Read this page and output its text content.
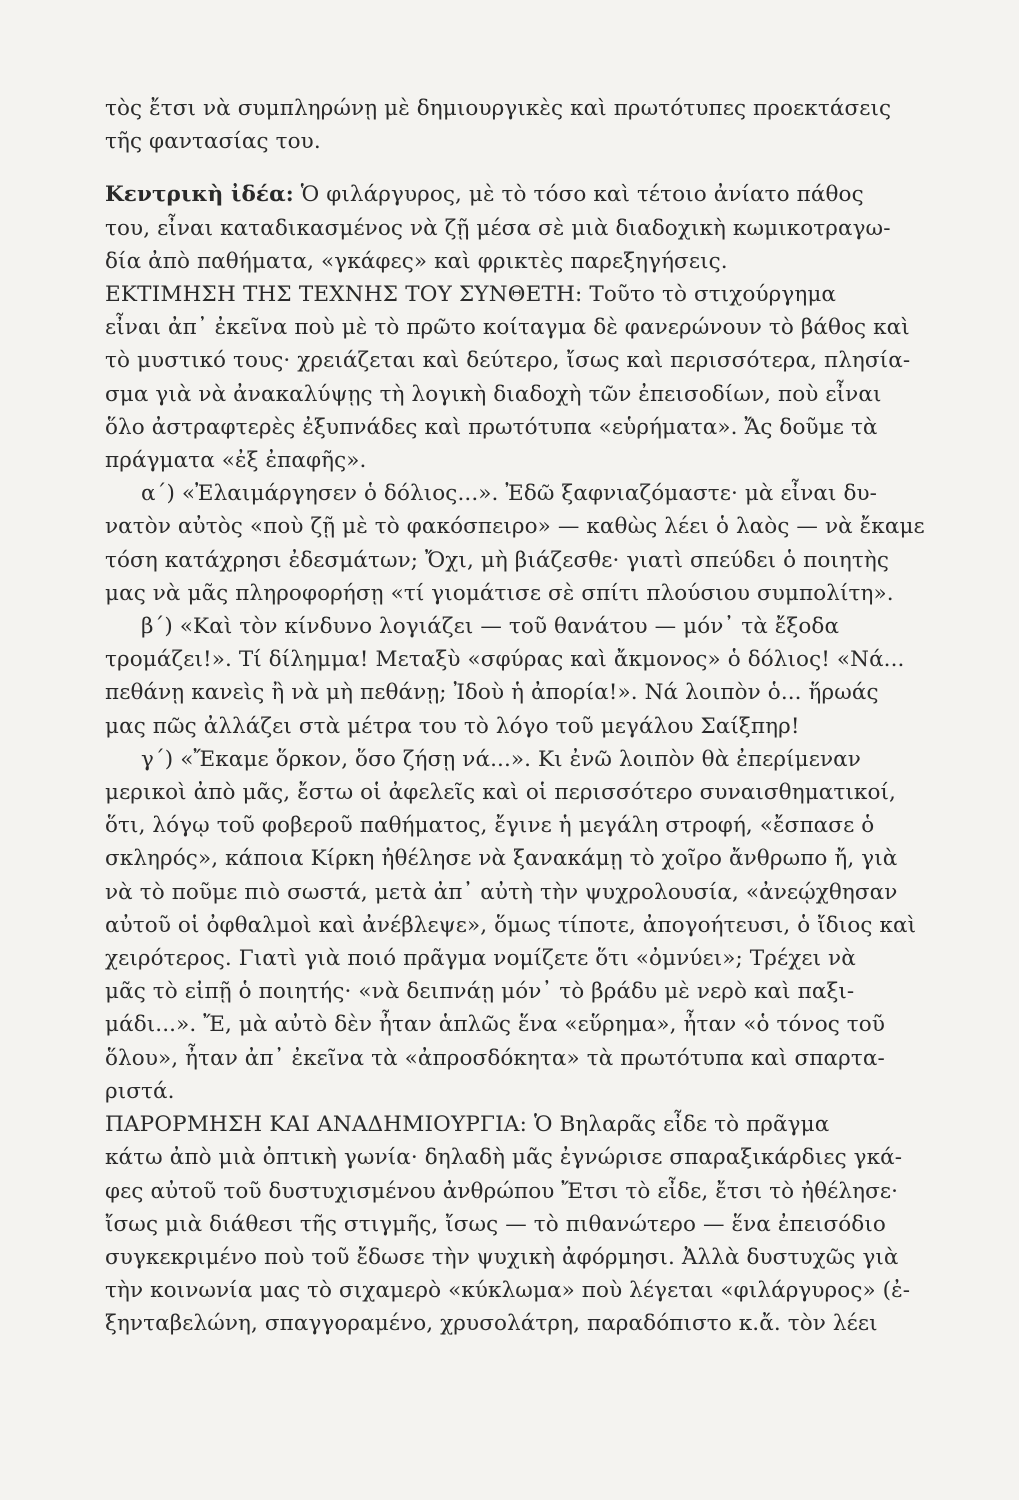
τὸς ἔτσι νὰ συμπληρώνῃ μὲ δημιουργικὲς καὶ πρωτότυπες προεκτάσεις
τῆς φαντασίας του.
Κεντρικὴ ἰδέα: Ὁ φιλάργυρος, μὲ τὸ τόσο καὶ τέτοιο ἀνίατο πάθος
του, εἶναι καταδικασμένος νὰ ζῇ μέσα σὲ μιὰ διαδοχικὴ κωμικοτραγω-
δία ἀπὸ παθήματα, «γκάφες» καὶ φρικτὲς παρεξηγήσεις.
ΕΚΤΙΜΗΣΗ ΤΗΣ ΤΕΧΝΗΣ ΤΟΥ ΣΥΝΘΕΤΗ: Τοῦτο τὸ στιχούργημα
εἶναι ἀπ᾽ ἐκεῖνα ποὺ μὲ τὸ πρῶτο κοίταγμα δὲ φανερώνουν τὸ βάθος καὶ
τὸ μυστικό τους· χρειάζεται καὶ δεύτερο, ἴσως καὶ περισσότερα, πλησία-
σμα γιὰ νὰ ἀνακαλύψῃς τὴ λογικὴ διαδοχὴ τῶν ἐπεισοδίων, ποὺ εἶναι
ὅλο ἀστραφτερὲς ἐξυπνάδες καὶ πρωτότυπα «εὑρήματα». Ἄς δοῦμε τὰ
πράγματα «ἐξ ἐπαφῆς».
α΄) «Ἐλαιμάργησεν ὁ δόλιος...». Ἐδῶ ξαφνιαζόμαστε· μὰ εἶναι δυ-
νατὸν αὐτὸς «ποὺ ζῇ μὲ τὸ φακόσπειρο» — καθὼς λέει ὁ λαὸς — νὰ ἔκαμε
τόση κατάχρησι ἐδεσμάτων; Ὄχι, μὴ βιάζεσθε· γιατὶ σπεύδει ὁ ποιητὴς
μας νὰ μᾶς πληροφορήσῃ «τί γιομάτισε σὲ σπίτι πλούσιου συμπολίτη».
β΄) «Καὶ τὸν κίνδυνο λογιάζει — τοῦ θανάτου — μόν᾽ τὰ ἔξοδα
τρομάζει!». Τί δίλημμα! Μεταξὺ «σφύρας καὶ ἄκμονος» ὁ δόλιος! «Νά...
πεθάνῃ κανεὶς ἢ νὰ μὴ πεθάνῃ; Ἰδοὺ ἡ ἀπορία!». Νά λοιπὸν ὁ... ἥρωάς
μας πῶς ἀλλάζει στὰ μέτρα του τὸ λόγο τοῦ μεγάλου Σαίξπηρ!
γ΄) «Ἔκαμε ὅρκον, ὅσο ζήσῃ νά...». Κι ἐνῶ λοιπὸν θὰ ἐπερίμεναν
μερικοὶ ἀπὸ μᾶς, ἔστω οἱ ἀφελεῖς καὶ οἱ περισσότερο συναισθηματικοί,
ὅτι, λόγῳ τοῦ φοβεροῦ παθήματος, ἔγινε ἡ μεγάλη στροφή, «ἔσπασε ὁ
σκληρός», κάποια Κίρκη ἠθέλησε νὰ ξανακάμῃ τὸ χοῖρο ἄνθρωπο ἤ, γιὰ
νὰ τὸ ποῦμε πιὸ σωστά, μετὰ ἀπ᾽ αὐτὴ τὴν ψυχρολουσία, «ἀνεῴχθησαν
αὐτοῦ οἱ ὀφθαλμοὶ καὶ ἀνέβλεψε», ὅμως τίποτε, ἀπογοήτευσι, ὁ ἴδιος καὶ
χειρότερος. Γιατὶ γιὰ ποιό πρᾶγμα νομίζετε ὅτι «ὀμνύει»; Τρέχει νὰ
μᾶς τὸ εἰπῇ ὁ ποιητής· «νὰ δειπνάῃ μόν᾽ τὸ βράδυ μὲ νερὸ καὶ παξι-
μάδι...». Ἔ, μὰ αὐτὸ δὲν ἦταν ἁπλῶς ἕνα «εὕρημα», ἦταν «ὁ τόνος τοῦ
ὅλου», ἦταν ἀπ᾽ ἐκεῖνα τὰ «ἀπροσδόκητα» τὰ πρωτότυπα καὶ σπαρτα-
ριστά.
ΠΑΡΟΡΜΗΣΗ ΚΑΙ ΑΝΑΔΗΜΙΟΥΡΓΙΑ: Ὁ Βηλαρᾶς εἶδε τὸ πρᾶγμα
κάτω ἀπὸ μιὰ ὀπτικὴ γωνία· δηλαδὴ μᾶς ἐγνώρισε σπαραξικάρδιες γκά-
φες αὐτοῦ τοῦ δυστυχισμένου ἀνθρώπου Ἔτσι τὸ εἶδε, ἔτσι τὸ ἠθέλησε·
ἴσως μιὰ διάθεσι τῆς στιγμῆς, ἴσως — τὸ πιθανώτερο — ἕνα ἐπεισόδιο
συγκεκριμένο ποὺ τοῦ ἔδωσε τὴν ψυχικὴ ἀφόρμησι. Ἀλλὰ δυστυχῶς γιὰ
τὴν κοινωνία μας τὸ σιχαμερὸ «κύκλωμα» ποὺ λέγεται «φιλάργυρος» (ἐ-
ξηνταβελώνη, σπαγγοραμένο, χρυσολάτρη, παραδόπιστο κ.ἄ. τὸν λέει
